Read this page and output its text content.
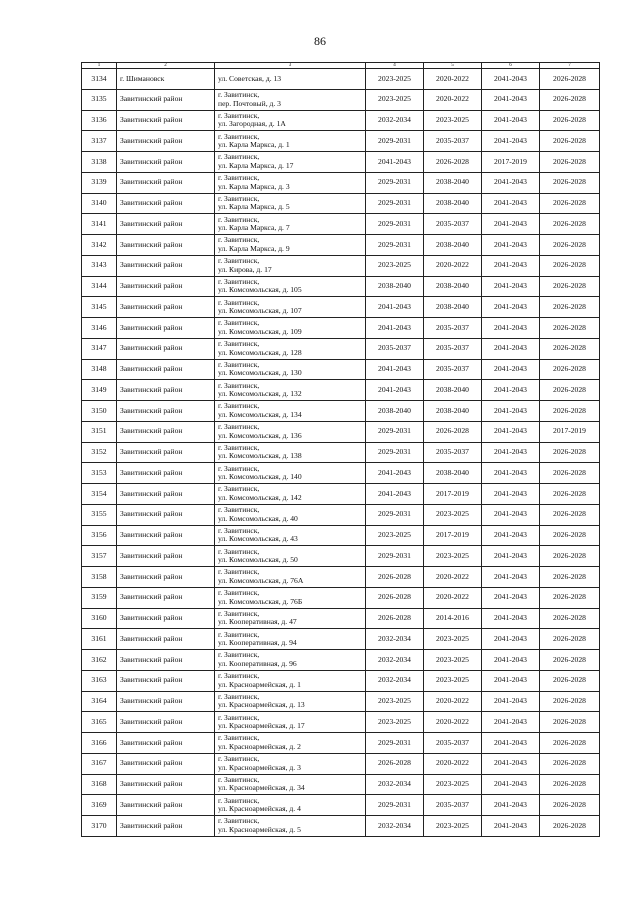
86
1	2	3	4	5	6	7
3134	г. Шимановск	ул. Советская, д. 13	2023-2025	2020-2022	2041-2043	2026-2028
3135	Завитинский район	г. Завитинск,
пер. Почтовый, д. 3	2023-2025	2020-2022	2041-2043	2026-2028
3136	Завитинский район	г. Завитинск,
ул. Загородная, д. 1А	2032-2034	2023-2025	2041-2043	2026-2028
3137	Завитинский район	г. Завитинск,
ул. Карла Маркса, д. 1	2029-2031	2035-2037	2041-2043	2026-2028
3138	Завитинский район	г. Завитинск,
ул. Карла Маркса, д. 17	2041-2043	2026-2028	2017-2019	2026-2028
3139	Завитинский район	г. Завитинск,
ул. Карла Маркса, д. 3	2029-2031	2038-2040	2041-2043	2026-2028
3140	Завитинский район	г. Завитинск,
ул. Карла Маркса, д. 5	2029-2031	2038-2040	2041-2043	2026-2028
3141	Завитинский район	г. Завитинск,
ул. Карла Маркса, д. 7	2029-2031	2035-2037	2041-2043	2026-2028
3142	Завитинский район	г. Завитинск,
ул. Карла Маркса, д. 9	2029-2031	2038-2040	2041-2043	2026-2028
3143	Завитинский район	г. Завитинск,
ул. Кирова, д. 17	2023-2025	2020-2022	2041-2043	2026-2028
3144	Завитинский район	г. Завитинск,
ул. Комсомольская, д. 105	2038-2040	2038-2040	2041-2043	2026-2028
3145	Завитинский район	г. Завитинск,
ул. Комсомольская, д. 107	2041-2043	2038-2040	2041-2043	2026-2028
3146	Завитинский район	г. Завитинск,
ул. Комсомольская, д. 109	2041-2043	2035-2037	2041-2043	2026-2028
3147	Завитинский район	г. Завитинск,
ул. Комсомольская, д. 128	2035-2037	2035-2037	2041-2043	2026-2028
3148	Завитинский район	г. Завитинск,
ул. Комсомольская, д. 130	2041-2043	2035-2037	2041-2043	2026-2028
3149	Завитинский район	г. Завитинск,
ул. Комсомольская, д. 132	2041-2043	2038-2040	2041-2043	2026-2028
3150	Завитинский район	г. Завитинск,
ул. Комсомольская, д. 134	2038-2040	2038-2040	2041-2043	2026-2028
3151	Завитинский район	г. Завитинск,
ул. Комсомольская, д. 136	2029-2031	2026-2028	2041-2043	2017-2019
3152	Завитинский район	г. Завитинск,
ул. Комсомольская, д. 138	2029-2031	2035-2037	2041-2043	2026-2028
3153	Завитинский район	г. Завитинск,
ул. Комсомольская, д. 140	2041-2043	2038-2040	2041-2043	2026-2028
3154	Завитинский район	г. Завитинск,
ул. Комсомольская, д. 142	2041-2043	2017-2019	2041-2043	2026-2028
3155	Завитинский район	г. Завитинск,
ул. Комсомольская, д. 40	2029-2031	2023-2025	2041-2043	2026-2028
3156	Завитинский район	г. Завитинск,
ул. Комсомольская, д. 43	2023-2025	2017-2019	2041-2043	2026-2028
3157	Завитинский район	г. Завитинск,
ул. Комсомольская, д. 50	2029-2031	2023-2025	2041-2043	2026-2028
3158	Завитинский район	г. Завитинск,
ул. Комсомольская, д. 76А	2026-2028	2020-2022	2041-2043	2026-2028
3159	Завитинский район	г. Завитинск,
ул. Комсомольская, д. 76Б	2026-2028	2020-2022	2041-2043	2026-2028
3160	Завитинский район	г. Завитинск,
ул. Кооперативная, д. 47	2026-2028	2014-2016	2041-2043	2026-2028
3161	Завитинский район	г. Завитинск,
ул. Кооперативная, д. 94	2032-2034	2023-2025	2041-2043	2026-2028
3162	Завитинский район	г. Завитинск,
ул. Кооперативная, д. 96	2032-2034	2023-2025	2041-2043	2026-2028
3163	Завитинский район	г. Завитинск,
ул. Красноармейская, д. 1	2032-2034	2023-2025	2041-2043	2026-2028
3164	Завитинский район	г. Завитинск,
ул. Красноармейская, д. 13	2023-2025	2020-2022	2041-2043	2026-2028
3165	Завитинский район	г. Завитинск,
ул. Красноармейская, д. 17	2023-2025	2020-2022	2041-2043	2026-2028
3166	Завитинский район	г. Завитинск,
ул. Красноармейская, д. 2	2029-2031	2035-2037	2041-2043	2026-2028
3167	Завитинский район	г. Завитинск,
ул. Красноармейская, д. 3	2026-2028	2020-2022	2041-2043	2026-2028
3168	Завитинский район	г. Завитинск,
ул. Красноармейская, д. 34	2032-2034	2023-2025	2041-2043	2026-2028
3169	Завитинский район	г. Завитинск,
ул. Красноармейская, д. 4	2029-2031	2035-2037	2041-2043	2026-2028
3170	Завитинский район	г. Завитинск,
ул. Красноармейская, д. 5	2032-2034	2023-2025	2041-2043	2026-2028
